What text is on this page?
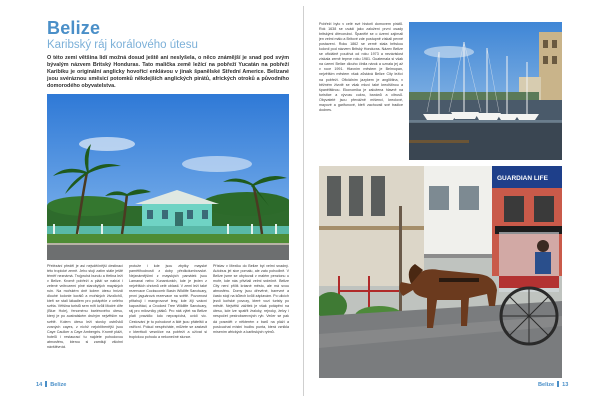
Belize
Karibský ráj korálového útesu

O této zemi většina lidí možná dosud ještě ani neslyšela, o něco známější je snad pod svým bývalým názvem Britský Honduras. Tato malička země ležící na pobřeží Yucatán na pobřeží Karibiku je originální anglicky hovořící enklávou v jinak španělské Střední Americe. Belizané jsou svéráznou směsicí potomků někdejších anglických pirátů, afrických otroků a původního domorodého obyvatelstva.

Přelézání předěl je asi nejvděčnější destinací této tropické země. Jeho stojí zatím stále ještě téměř neznámá. Trojpruhá bundu a třetina leží v Belize. Kromě pobřeží a pláží se nabízí i zelené vnitrozemí plné starobylých mayských ruin. Na mořském dně kolem útesu hnízdí dlouhé kolonie korálů a mořských živočichů, kteří se stali lákadlem pro potápěče z celého světa. Většina turistů sem míří kvůli Modré díře (Blue Hole), fenoménu bariérového útesu, který je po australském druhým největším na světě. Kolem útesu leží stovky ostrůvků zvaných cayes, z nichž nejoblíbenější jsou Caye Caulker a Caye Ambergris. Kromě pláží, hotelů i restaurací tu najdete pohodovou atmosféru, kterou si zamilují všichni návštěvníci.

protože i kde jsou zbytky mayské pamětihodnosti z doby předkolumbovské. Nejznámějšími z mayských památek jsou Lamanai nebo Xunantunich, kde je jeden z největších chrámů celé oblasti. V zemi leží také rezervace Cockscomb Basin Wildlife Sanctuary, první jaguárová rezervace na světě. Pozornost přitahují i mangrovové lesy, kde žijí vzácní kapustňáci, a Crooked Tree Wildlife Sanctuary, ráj pro milovníky ptáků. Pro náš výlet na Belize platí pravidlo: kdo nepospíchá, uvidí víc. Cestování je tu pohodové a lidé jsou přátelští a vstřícní. Pokud nespěcháte, můžete se zastavit v kterékoli vesničce na pobřeží a užívat si tropickou pohodu a nekonečné slunce.

Přístav v Mexiku do Belize byl velmi snadný. Autobus jel sice pomalu, ale zato pohodlně. V Belize jsme se ubytovali v malém penzionu u moře, kde nás přivítali velmi srdečně. Belize City není příliš krásné město, ale má svou atmosféru. Domy jsou dřevěné, barevné a často stojí na kůlech kvůli záplavám. Po ulicích jezdí koňské povozy, které vozí turisty po městě. Největší zážitek je však potápění na útesu, kde lze spatřit žraloky, rejnoky, želvy i nespočet pestrobarevných ryb. Večer se pak dá posedět v některém z barů na pláži a poslouchat místní hudbu punta, která vznikla mísením afrických a karibských rytmů.

14 Belize

Pobřeží bylo v celé své historii domovem pirátů. Rok 1638 se uvádí jako založení první osady britskými dřevorubci. Španělé se o území zajímali jen velmi málo a Britové zde postupně získali pevné postavení. Roku 1862 se země stala britskou kolonií pod názvem Britský Honduras. Název Belize se oficiálně používá od roku 1973 a nezávislost získala země teprve roku 1981. Guatemala si však na území Belize dlouho činila nárok a uznala jej až v roce 1991. Hlavním městem je Belmopan, největším městem však zůstává Belize City ležící na pobřeží. Oficiálním jazykem je angličtina, v běžném životě se však mluví také kreolštinou a španělštinou. Ekonomika je založena hlavně na turistice a vývozu cukru, banánů a citrusů. Obyvatelé jsou převážně míšenci, kreolové, mayové a garifunové, kteří zachovali své tradice dodnes.

GUARDIAN LIFE
Belize 13
